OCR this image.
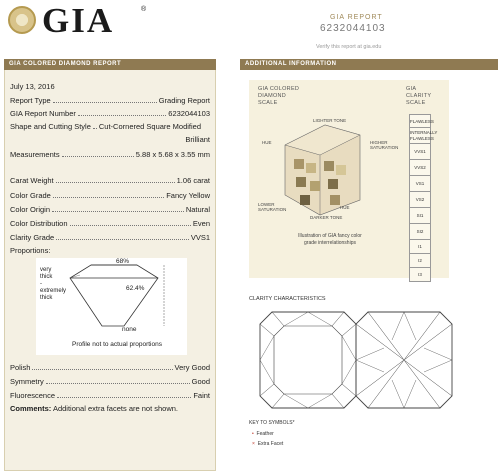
GIA	®
GIA REPORT
6232044103
Verify this report at gia.edu
GIA COLORED DIAMOND REPORT
July 13, 2016
Report Type	Grading Report
GIA Report Number	6232044103
Shape and Cutting Style Cut-Cornered Square Modified
Brilliant
Measurements	5.88 x 5.68 x 3.55 mm
Carat Weight	1.06 carat
Color Grade	Fancy Yellow
Color Origin	Natural
Color Distribution	Even
Clarity Grade	VVS1
Proportions:
68%
62.4%
very
thick
-
extremely
thick
none
Profile not to actual proportions
Polish	Very Good
Symmetry	Good
Fluorescence	Faint
Comments: Additional extra facets are not shown.
ADDITIONAL INFORMATION
GIA COLORED
DIAMOND
SCALE
GIA
CLARITY
SCALE
HUE
LIGHTER TONE
HIGHER SATURATION
LOWER SATURATION
DARKER TONE
HUE
Illustration of GIA fancy color
grade interrelationships
FLAWLESS
INTERNALLY FLAWLESS
VVS1
VVS2
VS1
VS2
SI1
SI2
I1
I2
I3
CLARITY CHARACTERISTICS
KEY TO SYMBOLS*
• Feather
× Extra Facet
